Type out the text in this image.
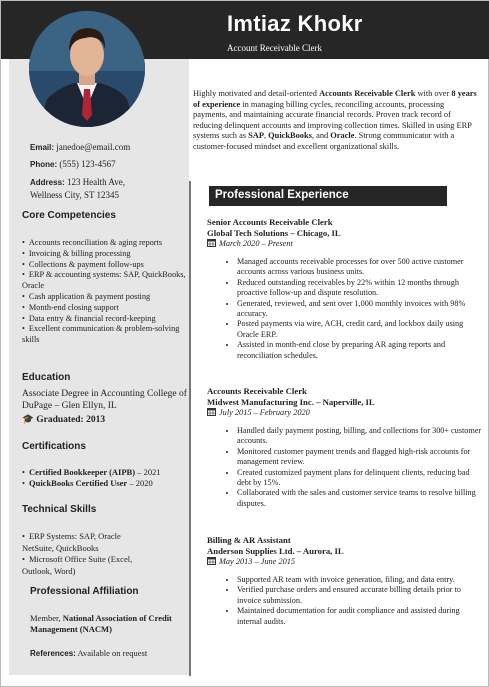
Imtiaz Khokr
Account Receivable Clerk
Email: janedoe@email.com
Phone: (555) 123-4567
Address: 123 Health Ave,
Wellness City, ST 12345
Core Competencies
• Accounts reconciliation & aging reports
• Invoicing & billing processing
• Collections & payment follow-ups
• ERP & accounting systems: SAP, QuickBooks, Oracle
• Cash application & payment posting
• Month-end closing support
• Data entry & financial record-keeping
• Excellent communication & problem-solving skills
Education
Associate Degree in Accounting College of DuPage – Glen Ellyn, IL
🎓 Graduated: 2013
Certifications
• Certified Bookkeeper (AIPB) – 2021
• QuickBooks Certified User – 2020
Technical Skills
• ERP Systems: SAP, Oracle NetSuite, QuickBooks
• Microsoft Office Suite (Excel, Outlook, Word)
Professional Affiliation
Member, National Association of Credit Management (NACM)
References: Available on request
Highly motivated and detail-oriented Accounts Receivable Clerk with over 8 years of experience in managing billing cycles, reconciling accounts, processing payments, and maintaining accurate financial records. Proven track record of reducing delinquent accounts and improving collection times. Skilled in using ERP systems such as SAP, QuickBooks, and Oracle. Strong communicator with a customer-focused mindset and excellent organizational skills.
Professional Experience
Senior Accounts Receivable Clerk
Global Tech Solutions – Chicago, IL
March 2020 – Present
• Managed accounts receivable processes for over 500 active customer accounts across various business units.
• Reduced outstanding receivables by 22% within 12 months through proactive follow-up and dispute resolution.
• Generated, reviewed, and sent over 1,000 monthly invoices with 98% accuracy.
• Posted payments via wire, ACH, credit card, and lockbox daily using Oracle ERP.
• Assisted in month-end close by preparing AR aging reports and reconciliation schedules.
Accounts Receivable Clerk
Midwest Manufacturing Inc. – Naperville, IL
July 2015 – February 2020
• Handled daily payment posting, billing, and collections for 300+ customer accounts.
• Monitored customer payment trends and flagged high-risk accounts for management review.
• Created customized payment plans for delinquent clients, reducing bad debt by 15%.
• Collaborated with the sales and customer service teams to resolve billing disputes.
Billing & AR Assistant
Anderson Supplies Ltd. – Aurora, IL
May 2013 – June 2015
• Supported AR team with invoice generation, filing, and data entry.
• Verified purchase orders and ensured accurate billing details prior to invoice submission.
• Maintained documentation for audit compliance and assisted during internal audits.
